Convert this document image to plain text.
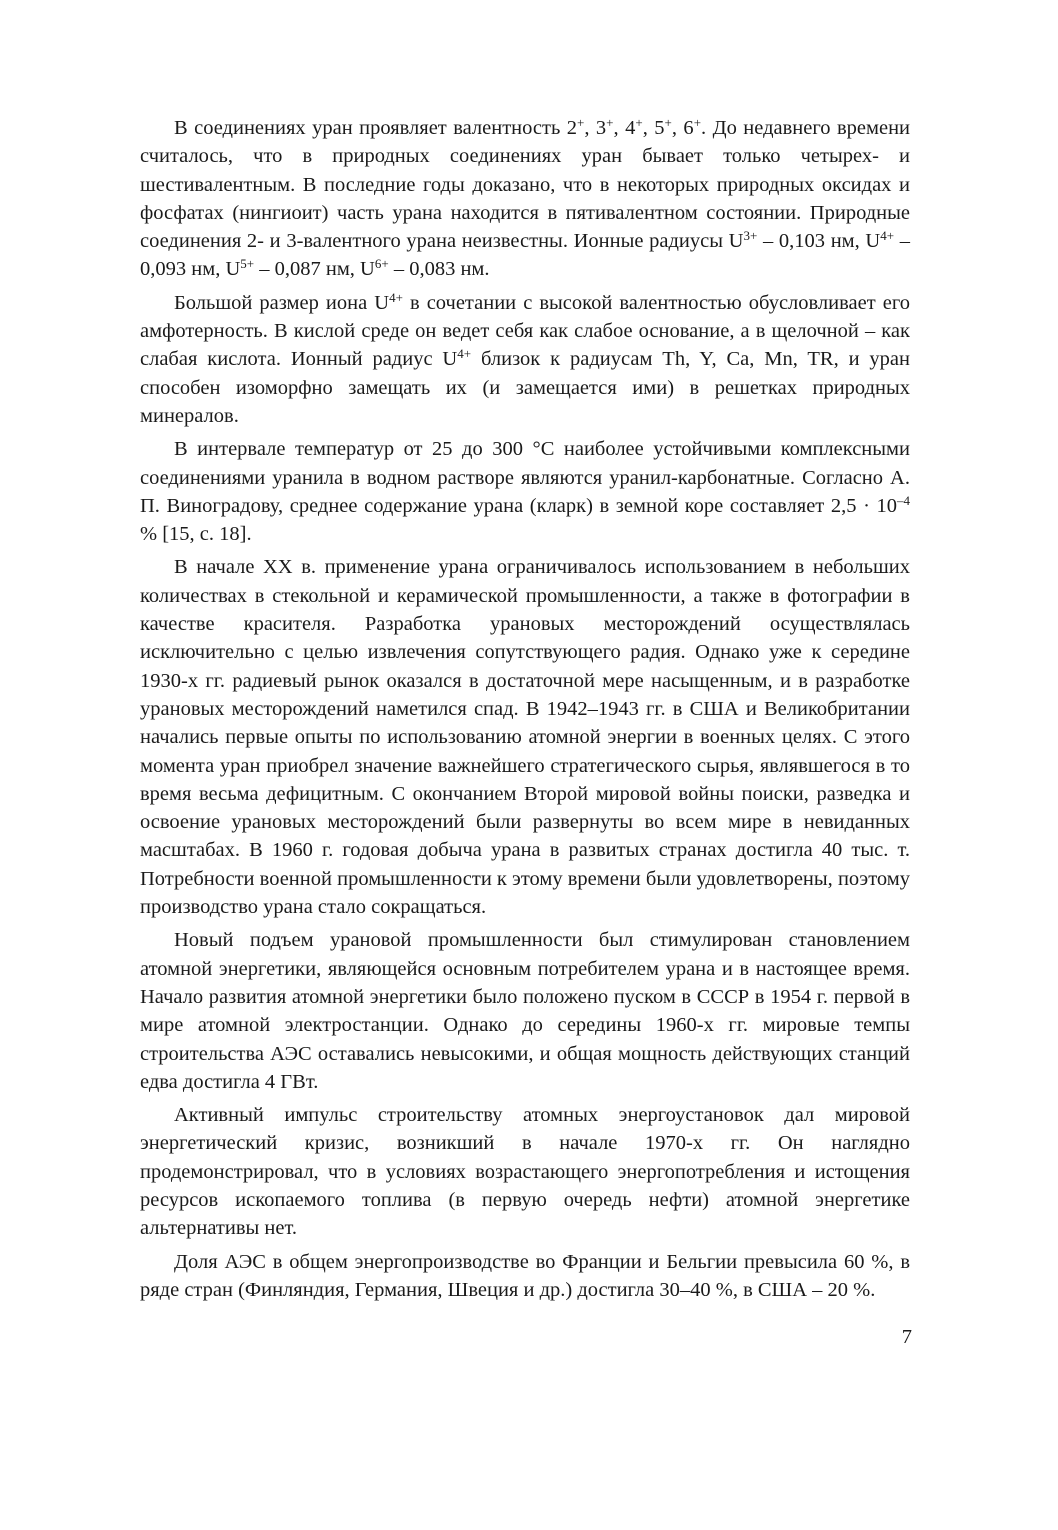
В соединениях уран проявляет валентность 2+, 3+, 4+, 5+, 6+. До недавнего времени считалось, что в природных соединениях уран бывает только четырех- и шестивалентным. В последние годы доказано, что в некоторых природных оксидах и фосфатах (нингиоит) часть урана находится в пятивалентном состоянии. Природные соединения 2- и 3-валентного урана неизвестны. Ионные радиусы $U^{3+} - 0,103$ нм, $U^{4+} - 0,093$ нм, $U^{5+} - 0,087$ нм, $U^{6+} - 0,083$ нм.

Большой размер иона $U^{4+}$ в сочетании с высокой валентностью обусловливает его амфотерность. В кислой среде он ведет себя как слабое основание, а в щелочной – как слабая кислота. Ионный радиус $U^{4+}$ близок к радиусам Th, Y, Ca, Mn, TR, и уран способен изоморфно замещать их (и замещается ими) в решетках природных минералов.

В интервале температур от 25 до 300 °C наиболее устойчивыми комплексными соединениями уранила в водном растворе являются уранил-карбонатные. Согласно А. П. Виноградову, среднее содержание урана (кларк) в земной коре составляет $2,5 \cdot 10^{-4}$ % [15, с. 18].

В начале XX в. применение урана ограничивалось использованием в небольших количествах в стекольной и керамической промышленности, а также в фотографии в качестве красителя. Разработка урановых месторождений осуществлялась исключительно с целью извлечения сопутствующего радия. Однако уже к середине 1930-х гг. радиевый рынок оказался в достаточной мере насыщенным, и в разработке урановых месторождений наметился спад. В 1942–1943 гг. в США и Великобритании начались первые опыты по использованию атомной энергии в военных целях. С этого момента уран приобрел значение важнейшего стратегического сырья, являвшегося в то время весьма дефицитным. С окончанием Второй мировой войны поиски, разведка и освоение урановых месторождений были развернуты во всем мире в невиданных масштабах. В 1960 г. годовая добыча урана в развитых странах достигла 40 тыс. т. Потребности военной промышленности к этому времени были удовлетворены, поэтому производство урана стало сокращаться.

Новый подъем урановой промышленности был стимулирован становлением атомной энергетики, являющейся основным потребителем урана и в настоящее время. Начало развития атомной энергетики было положено пуском в СССР в 1954 г. первой в мире атомной электростанции. Однако до середины 1960-х гг. мировые темпы строительства АЭС оставались невысокими, и общая мощность действующих станций едва достигла 4 ГВт.

Активный импульс строительству атомных энергоустановок дал мировой энергетический кризис, возникший в начале 1970-х гг. Он наглядно продемонстрировал, что в условиях возрастающего энергопотребления и истощения ресурсов ископаемого топлива (в первую очередь нефти) атомной энергетике альтернативы нет.

Доля АЭС в общем энергопроизводстве во Франции и Бельгии превысила 60 %, в ряде стран (Финляндия, Германия, Швеция и др.) достигла 30–40 %, в США – 20 %.

7
